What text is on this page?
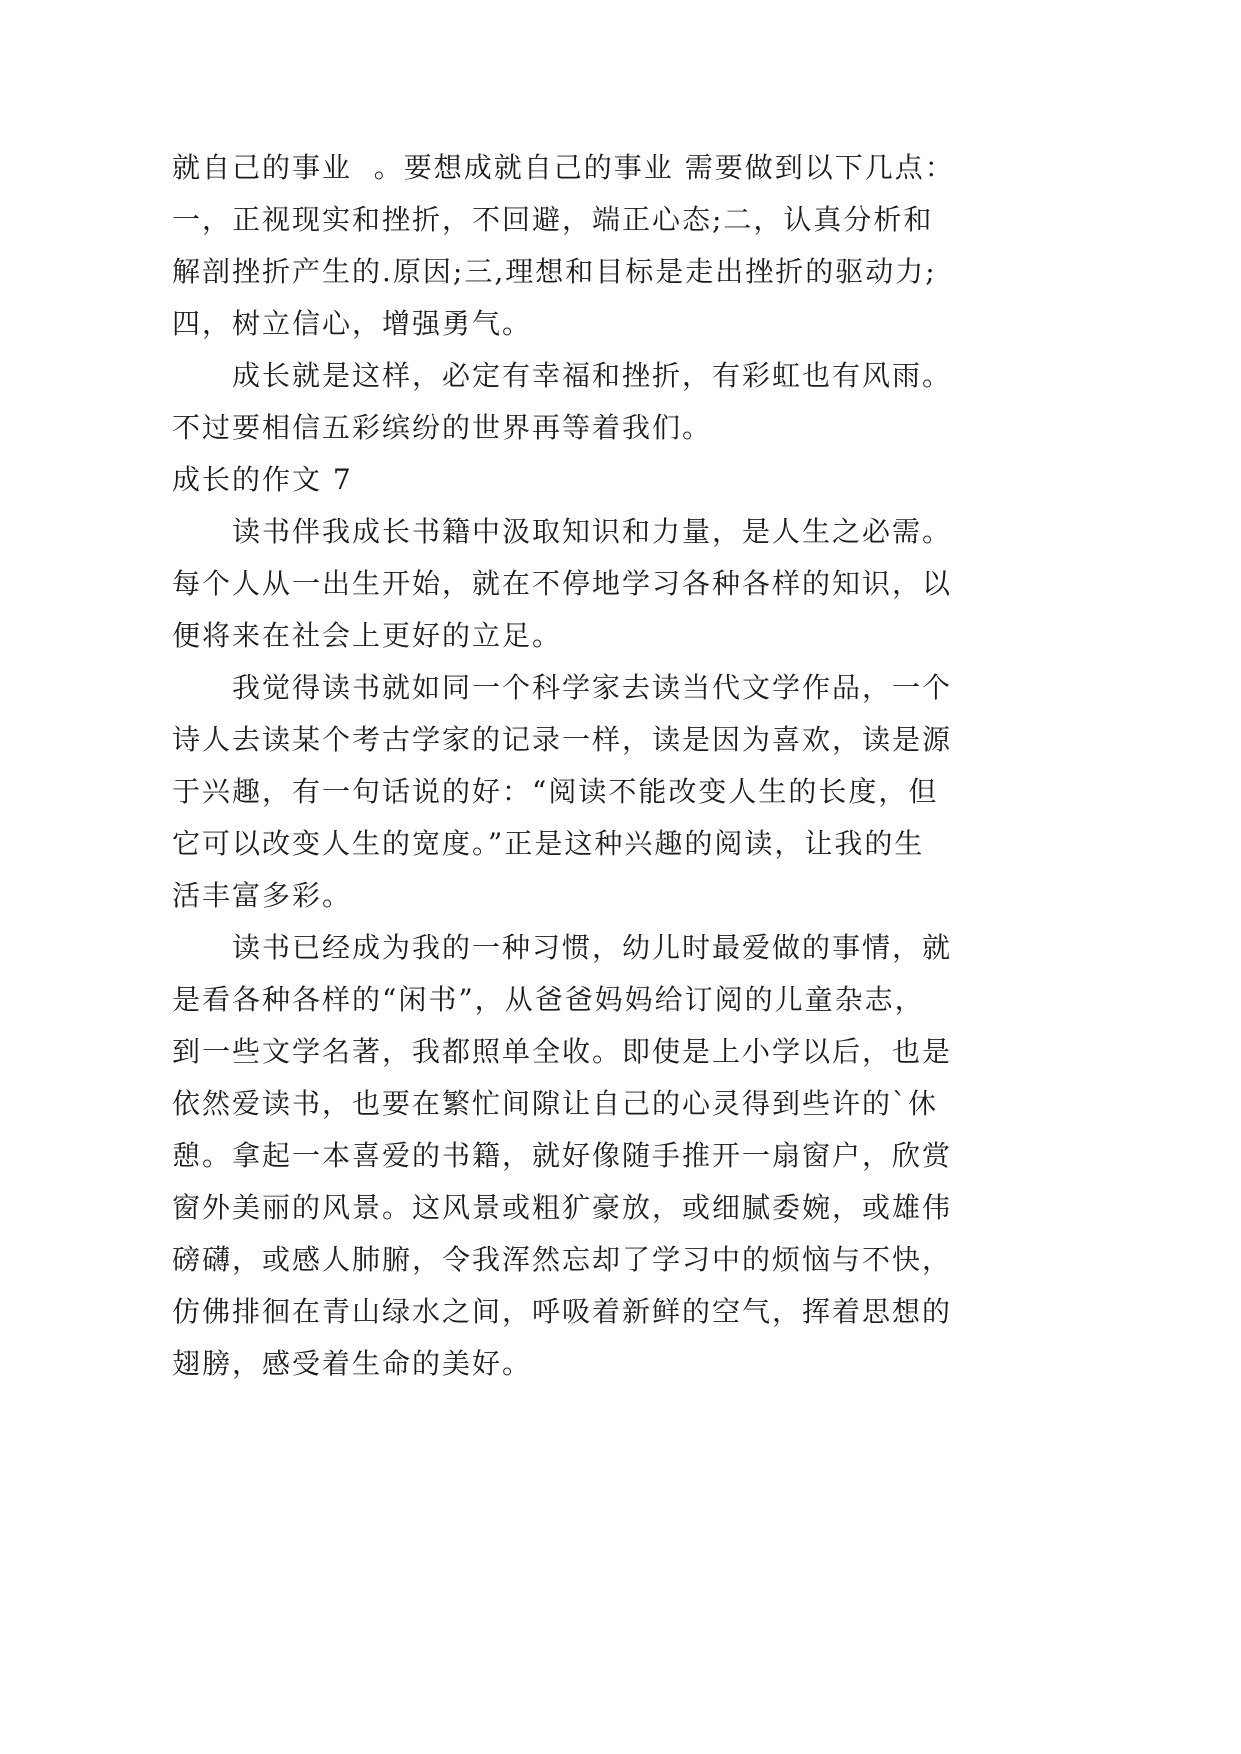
就自己的事业  。要想成就自己的事业 需要做到以下几点：
一，正视现实和挫折，不回避，端正心态;二，认真分析和
解剖挫折产生的.原因;三,理想和目标是走出挫折的驱动力;
四，树立信心，增强勇气。
成长就是这样，必定有幸福和挫折，有彩虹也有风雨。
不过要相信五彩缤纷的世界再等着我们。
成长的作文 7
读书伴我成长书籍中汲取知识和力量，是人生之必需。
每个人从一出生开始，就在不停地学习各种各样的知识，以
便将来在社会上更好的立足。
我觉得读书就如同一个科学家去读当代文学作品，一个
诗人去读某个考古学家的记录一样，读是因为喜欢，读是源
于兴趣，有一句话说的好：“阅读不能改变人生的长度，但
它可以改变人生的宽度。”正是这种兴趣的阅读，让我的生
活丰富多彩。
读书已经成为我的一种习惯，幼儿时最爱做的事情，就
是看各种各样的“闲书”，从爸爸妈妈给订阅的儿童杂志，
到一些文学名著，我都照单全收。即使是上小学以后，也是
依然爱读书，也要在繁忙间隙让自己的心灵得到些许的`休
憩。拿起一本喜爱的书籍，就好像随手推开一扇窗户，欣赏
窗外美丽的风景。这风景或粗犷豪放，或细腻委婉，或雄伟
磅礴，或感人肺腑，令我浑然忘却了学习中的烦恼与不快，
仿佛排徊在青山绿水之间，呼吸着新鲜的空气，挥着思想的
翅膀，感受着生命的美好。
